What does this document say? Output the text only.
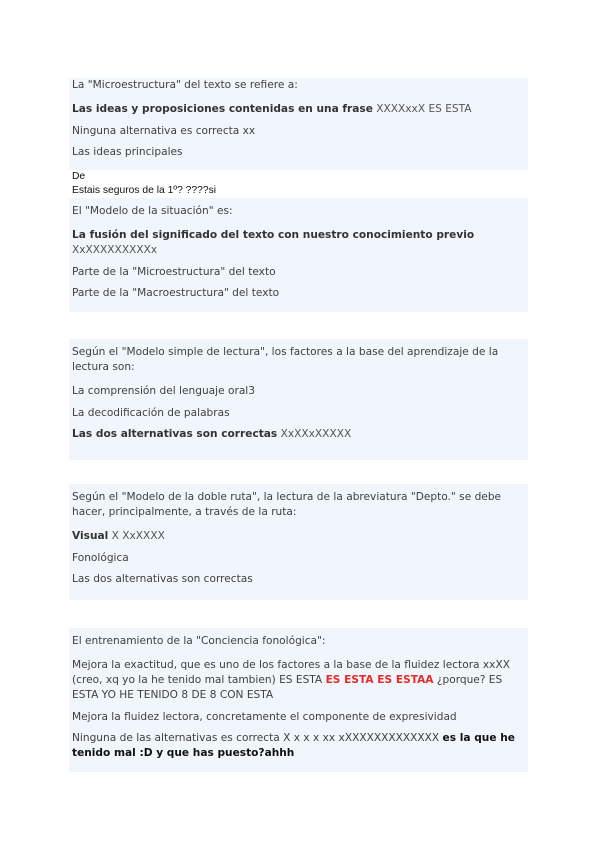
La "Microestructura" del texto se refiere a:

Las ideas y proposiciones contenidas en una frase XXXXxxX ES ESTA

Ninguna alternativa es correcta xx

Las ideas principales

De
Estais seguros de la 1º? ????si

El "Modelo de la situación" es:

La fusión del significado del texto con nuestro conocimiento previo

XxXXXXXXXXXx

Parte de la "Microestructura" del texto

Parte de la "Macroestructura" del texto

Según el "Modelo simple de lectura", los factores a la base del aprendizaje de la lectura son:

La comprensión del lenguaje oral3

La decodificación de palabras

Las dos alternativas son correctas XxXXxXXXXX

Según el "Modelo de la doble ruta", la lectura de la abreviatura "Depto." se debe hacer, principalmente, a través de la ruta:

Visual X XxXXXX

Fonológica

Las dos alternativas son correctas

El entrenamiento de la "Conciencia fonológica":

Mejora la exactitud, que es uno de los factores a la base de la fluidez lectora xxXX (creo, xq yo la he tenido mal tambien) ES ESTA ES ESTA ES ESTAA ¿porque? ES ESTA YO HE TENIDO 8 DE 8 CON ESTA

Mejora la fluidez lectora, concretamente el componente de expresividad

Ninguna de las alternativas es correcta X x x x xx xXXXXXXXXXXXXX es la que he tenido mal :D y que has puesto?ahhh
